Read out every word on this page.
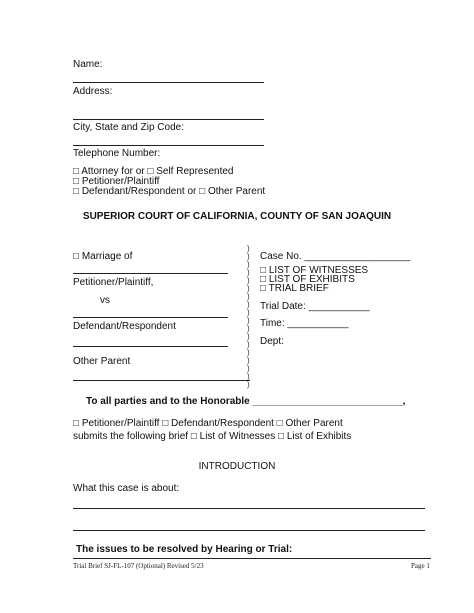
Name:
Address:
City, State and Zip Code:
Telephone Number:
□ Attorney for or □ Self Represented
□ Petitioner/Plaintiff
□ Defendant/Respondent or □ Other Parent
SUPERIOR COURT OF CALIFORNIA, COUNTY OF SAN JOAQUIN
□ Marriage of
Petitioner/Plaintiff,
vs
Defendant/Respondent
Other Parent
)
)
)
)
)
)
)
)
)
)
)
)
)
)
)
)
)
)
Case No. ___________________
□ LIST OF WITNESSES
□ LIST OF EXHIBITS
□ TRIAL BRIEF
Trial Date: ___________
Time: ___________
Dept:
To all parties and to the Honorable ___________________________,
□ Petitioner/Plaintiff □ Defendant/Respondent □ Other Parent
submits the following brief □ List of Witnesses □ List of Exhibits
INTRODUCTION
What this case is about:
The issues to be resolved by Hearing or Trial:
Trial Brief SJ-FL-107 (Optional) Revised 5/23	Page 1
